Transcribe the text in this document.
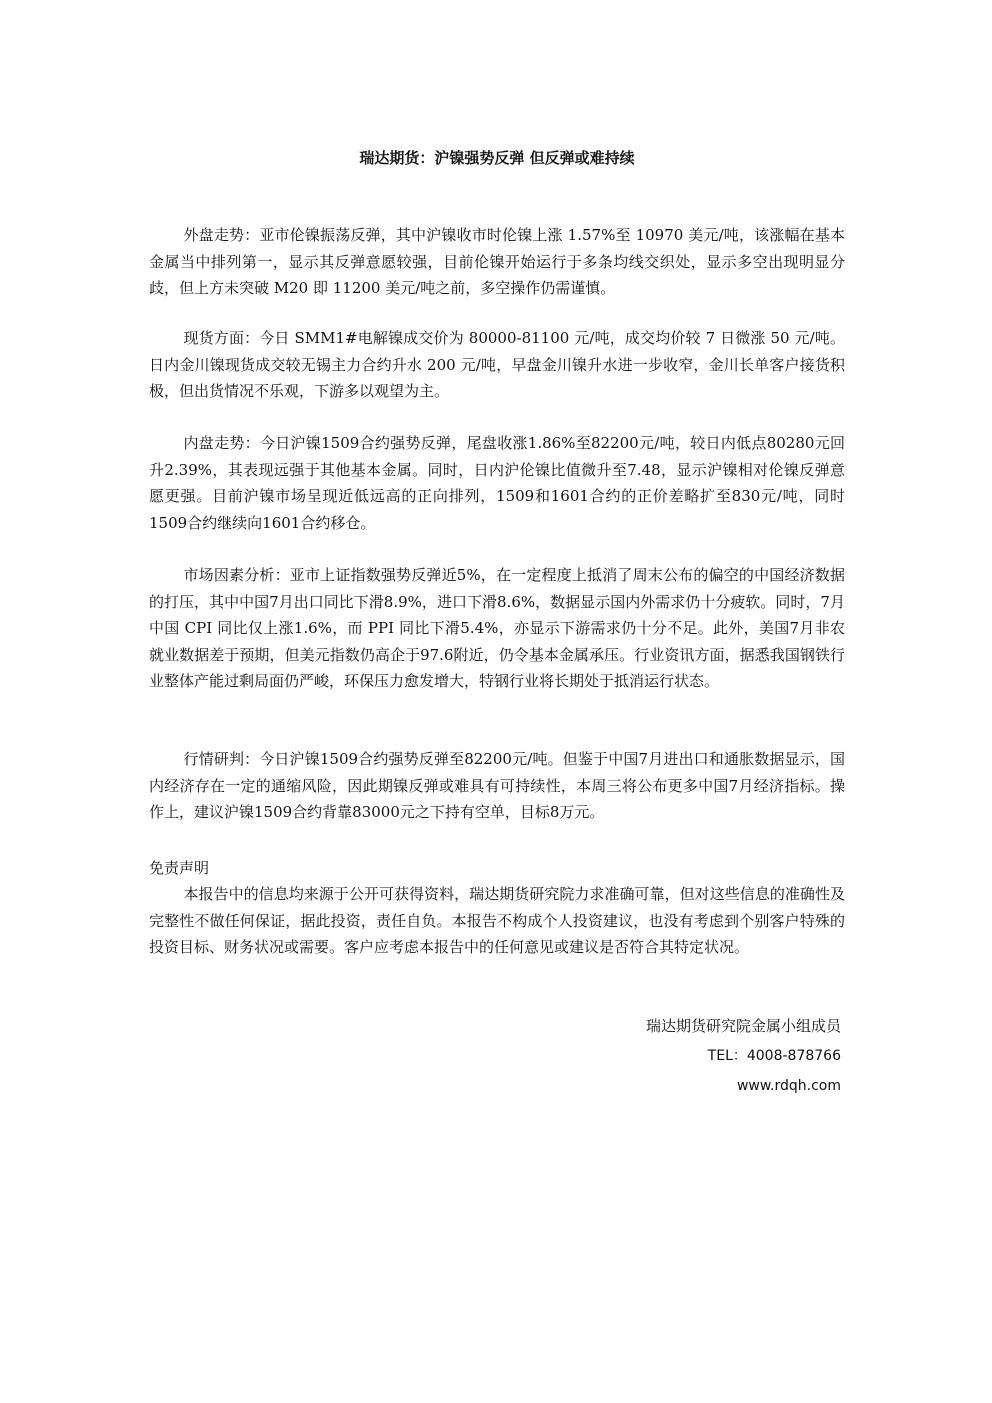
瑞达期货：沪镍强势反弹 但反弹或难持续

外盘走势：亚市伦镍振荡反弹，其中沪镍收市时伦镍上涨 1.57%至 10970 美元/吨，该涨幅在基本金属当中排列第一，显示其反弹意愿较强，目前伦镍开始运行于多条均线交织处，显示多空出现明显分歧，但上方未突破 M20 即 11200 美元/吨之前，多空操作仍需谨慎。

现货方面：今日 SMM1#电解镍成交价为 80000-81100 元/吨，成交均价较 7 日微涨 50 元/吨。日内金川镍现货成交较无锡主力合约升水 200 元/吨，早盘金川镍升水进一步收窄，金川长单客户接货积极，但出货情况不乐观，下游多以观望为主。

内盘走势：今日沪镍1509合约强势反弹，尾盘收涨1.86%至82200元/吨，较日内低点80280元回升2.39%，其表现远强于其他基本金属。同时，日内沪伦镍比值微升至7.48，显示沪镍相对伦镍反弹意愿更强。目前沪镍市场呈现近低远高的正向排列，1509和1601合约的正价差略扩至830元/吨，同时1509合约继续向1601合约移仓。

市场因素分析：亚市上证指数强势反弹近5%，在一定程度上抵消了周末公布的偏空的中国经济数据的打压，其中中国7月出口同比下滑8.9%，进口下滑8.6%，数据显示国内外需求仍十分疲软。同时，7月中国 CPI 同比仅上涨1.6%，而 PPI 同比下滑5.4%，亦显示下游需求仍十分不足。此外，美国7月非农就业数据差于预期，但美元指数仍高企于97.6附近，仍令基本金属承压。行业资讯方面，据悉我国钢铁行业整体产能过剩局面仍严峻，环保压力愈发增大，特钢行业将长期处于抵消运行状态。

行情研判：今日沪镍1509合约强势反弹至82200元/吨。但鉴于中国7月进出口和通胀数据显示，国内经济存在一定的通缩风险，因此期镍反弹或难具有可持续性，本周三将公布更多中国7月经济指标。操作上，建议沪镍1509合约背靠83000元之下持有空单，目标8万元。

免责声明

本报告中的信息均来源于公开可获得资料，瑞达期货研究院力求准确可靠，但对这些信息的准确性及完整性不做任何保证，据此投资，责任自负。本报告不构成个人投资建议，也没有考虑到个别客户特殊的投资目标、财务状况或需要。客户应考虑本报告中的任何意见或建议是否符合其特定状况。

瑞达期货研究院金属小组成员
TEL：4008-878766
www.rdqh.com
